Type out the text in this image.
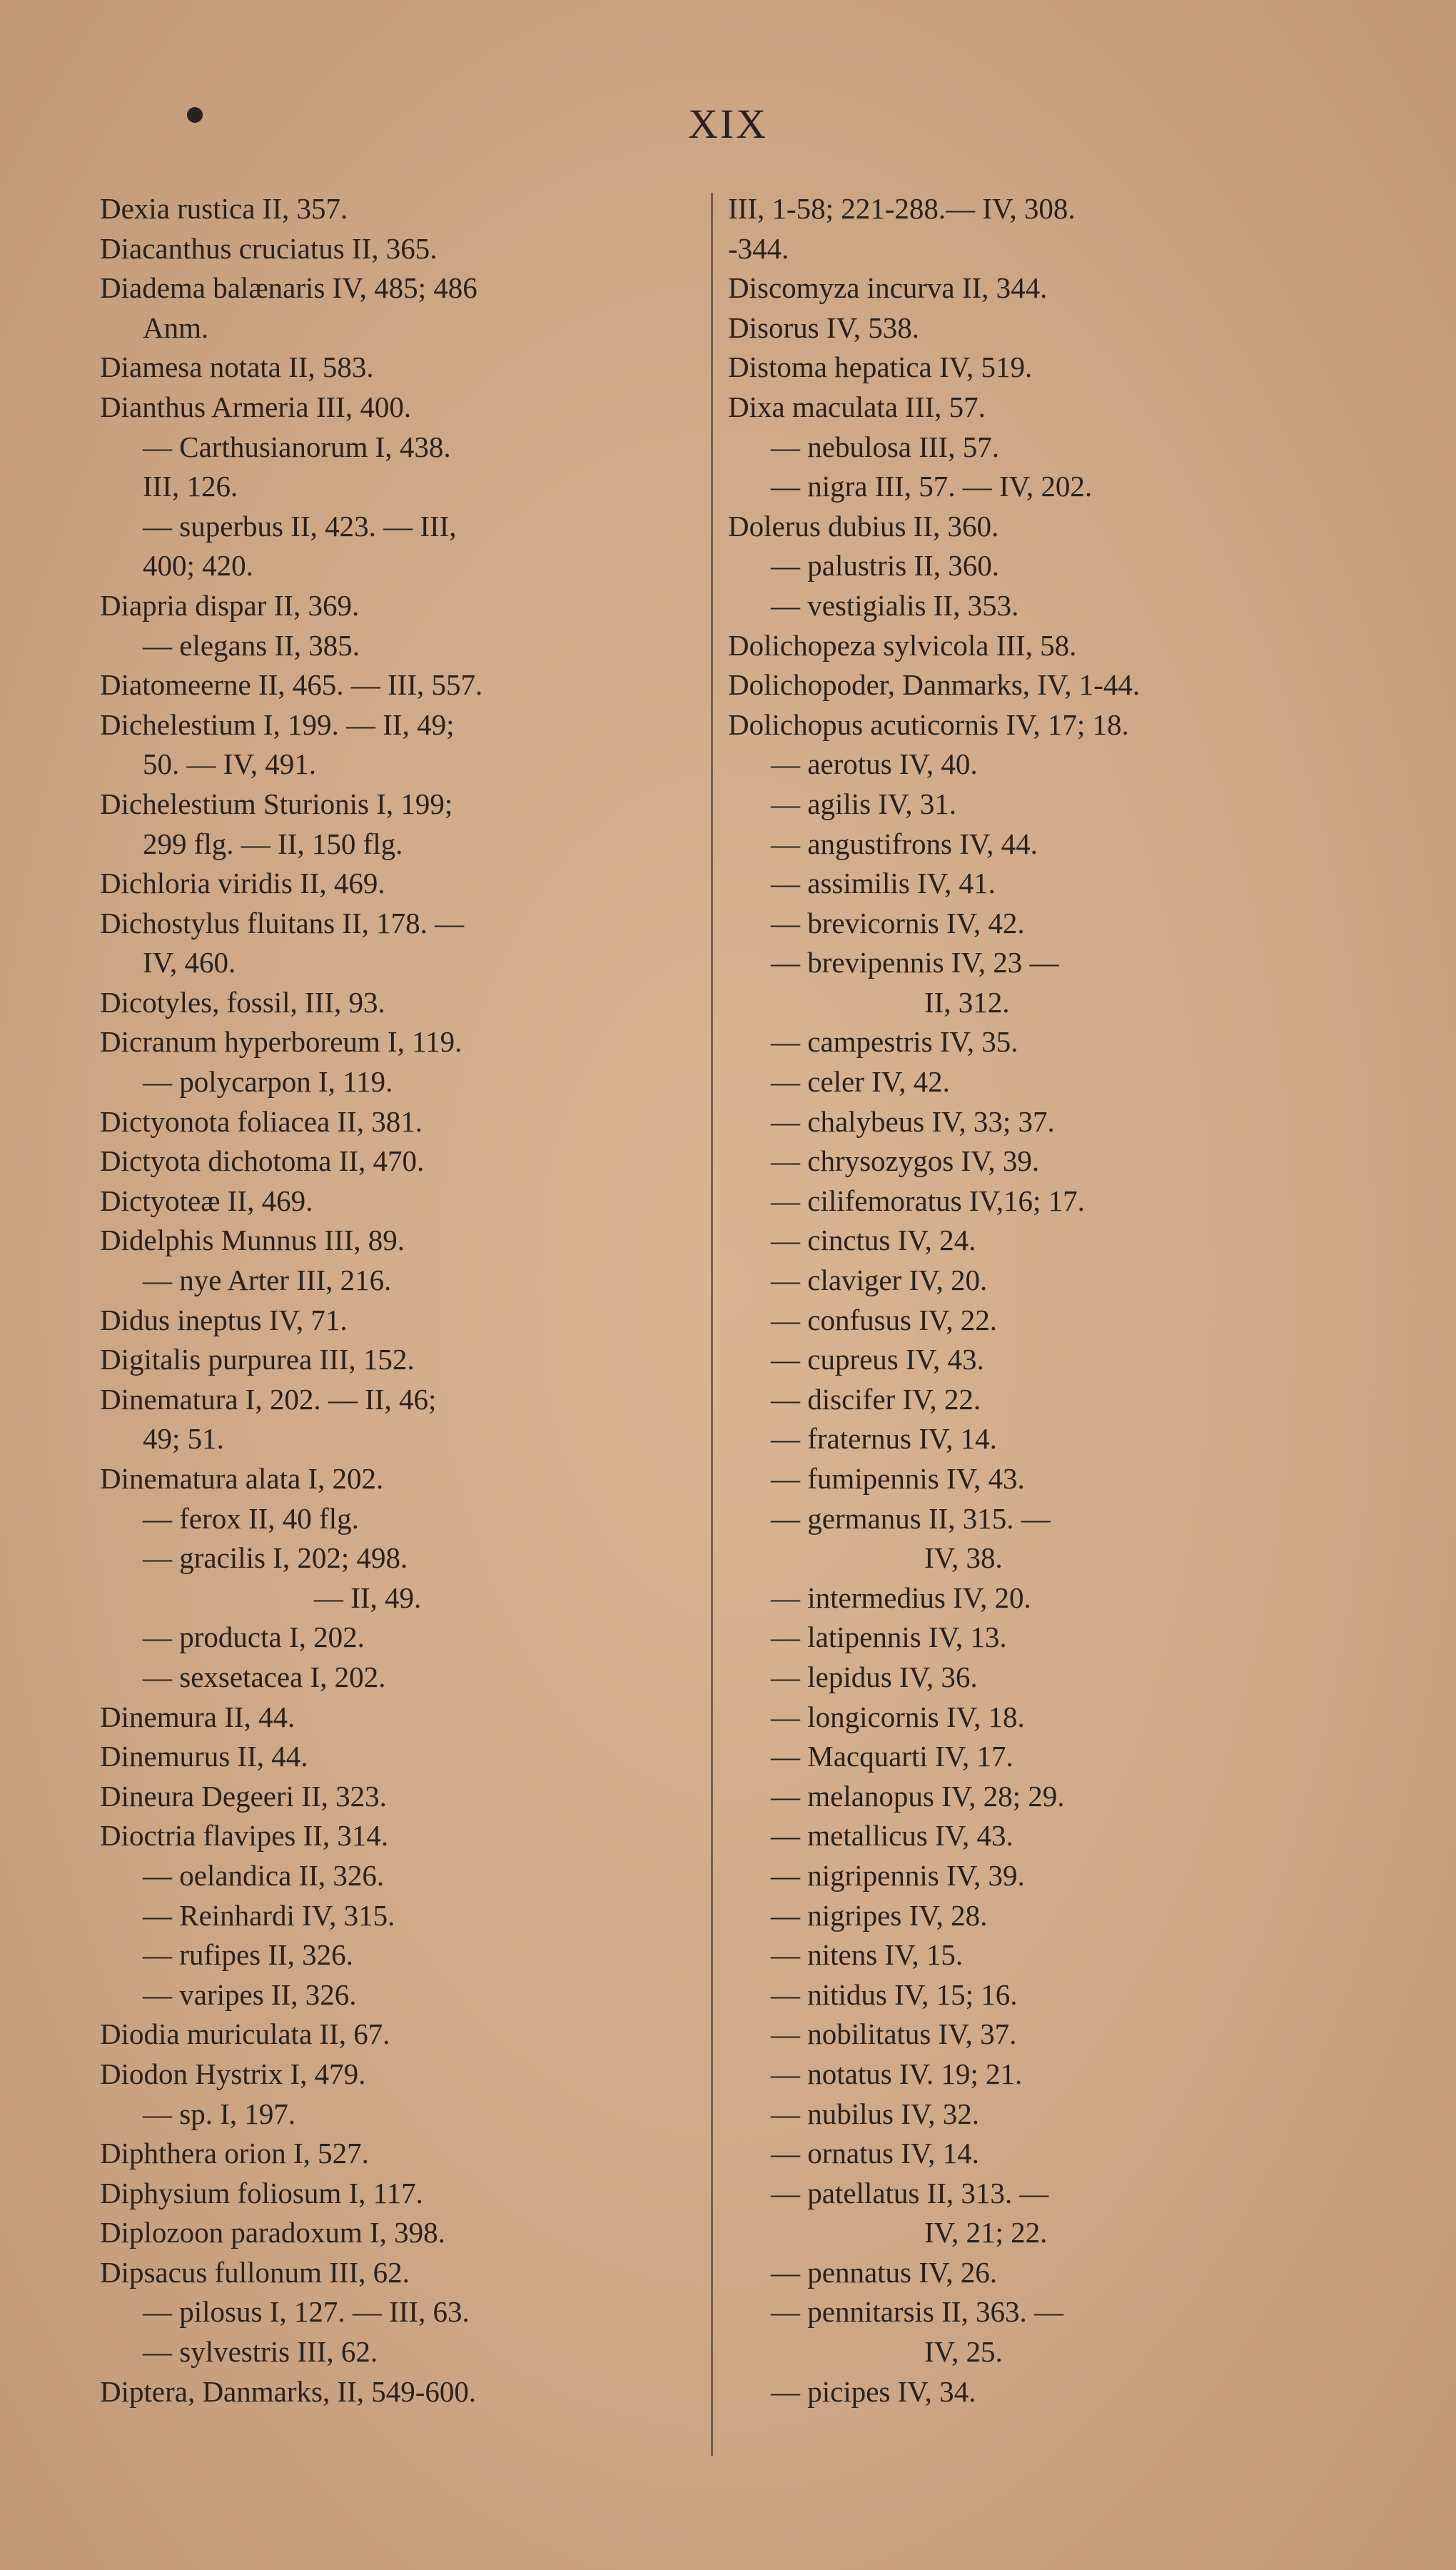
XIX
Dexia rustica II, 357.
Diacanthus cruciatus II, 365.
Diadema balænaris IV, 485; 486
Anm.
Diamesa notata II, 583.
Dianthus Armeria III, 400.
— Carthusianorum I, 438.
III, 126.
— superbus II, 423. — III,
400; 420.
Diapria dispar II, 369.
— elegans II, 385.
Diatomeerne II, 465. — III, 557.
Dichelestium I, 199. — II, 49;
50. — IV, 491.
Dichelestium Sturionis I, 199;
299 flg. — II, 150 flg.
Dichloria viridis II, 469.
Dichostylus fluitans II, 178. —
IV, 460.
Dicotyles, fossil, III, 93.
Dicranum hyperboreum I, 119.
— polycarpon I, 119.
Dictyonota foliacea II, 381.
Dictyota dichotoma II, 470.
Dictyoteæ II, 469.
Didelphis Munnus III, 89.
— nye Arter III, 216.
Didus ineptus IV, 71.
Digitalis purpurea III, 152.
Dinematura I, 202. — II, 46;
49; 51.
Dinematura alata I, 202.
— ferox II, 40 flg.
— gracilis I, 202; 498.
— II, 49.
— producta I, 202.
— sexsetacea I, 202.
Dinemura II, 44.
Dinemurus II, 44.
Dineura Degeeri II, 323.
Dioctria flavipes II, 314.
— oelandica II, 326.
— Reinhardi IV, 315.
— rufipes II, 326.
— varipes II, 326.
Diodia muriculata II, 67.
Diodon Hystrix I, 479.
— sp. I, 197.
Diphthera orion I, 527.
Diphysium foliosum I, 117.
Diplozoon paradoxum I, 398.
Dipsacus fullonum III, 62.
— pilosus I, 127. — III, 63.
— sylvestris III, 62.
Diptera, Danmarks, II, 549-600.
III, 1-58; 221-288.— IV, 308.
-344.
Discomyza incurva II, 344.
Disorus IV, 538.
Distoma hepatica IV, 519.
Dixa maculata III, 57.
— nebulosa III, 57.
— nigra III, 57. — IV, 202.
Dolerus dubius II, 360.
— palustris II, 360.
— vestigialis II, 353.
Dolichopeza sylvicola III, 58.
Dolichopoder, Danmarks, IV, 1-44.
Dolichopus acuticornis IV, 17; 18.
— aerotus IV, 40.
— agilis IV, 31.
— angustifrons IV, 44.
— assimilis IV, 41.
— brevicornis IV, 42.
— brevipennis IV, 23 —
II, 312.
— campestris IV, 35.
— celer IV, 42.
— chalybeus IV, 33; 37.
— chrysozygos IV, 39.
— cilifemoratus IV,16; 17.
— cinctus IV, 24.
— claviger IV, 20.
— confusus IV, 22.
— cupreus IV, 43.
— discifer IV, 22.
— fraternus IV, 14.
— fumipennis IV, 43.
— germanus II, 315. —
IV, 38.
— intermedius IV, 20.
— latipennis IV, 13.
— lepidus IV, 36.
— longicornis IV, 18.
— Macquarti IV, 17.
— melanopus IV, 28; 29.
— metallicus IV, 43.
— nigripennis IV, 39.
— nigripes IV, 28.
— nitens IV, 15.
— nitidus IV, 15; 16.
— nobilitatus IV, 37.
— notatus IV. 19; 21.
— nubilus IV, 32.
— ornatus IV, 14.
— patellatus II, 313. —
IV, 21; 22.
— pennatus IV, 26.
— pennitarsis II, 363. —
IV, 25.
— picipes IV, 34.
